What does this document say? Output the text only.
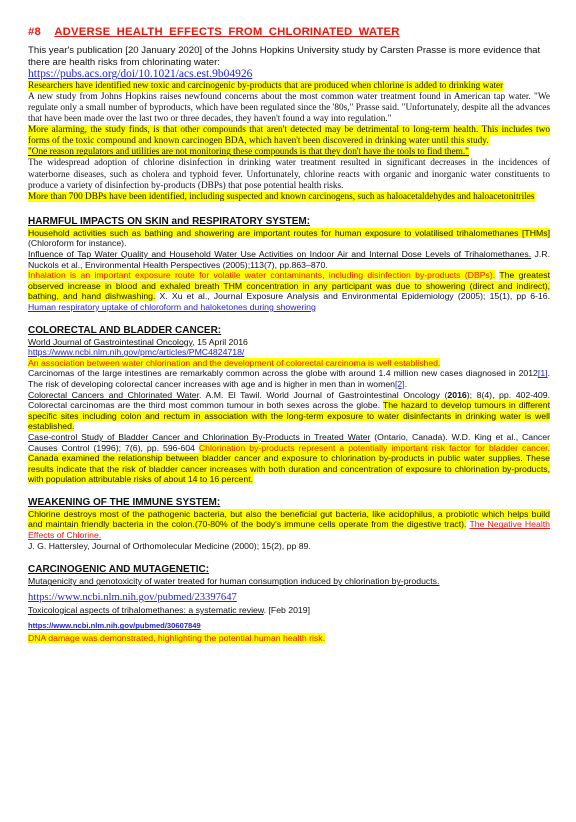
#8 ADVERSE HEALTH EFFECTS FROM CHLORINATED WATER

This year's publication [20 January 2020] of the Johns Hopkins University study by Carsten Prasse is more evidence that there are health risks from chlorinating water:
https://pubs.acs.org/doi/10.1021/acs.est.9b04926

Researchers have identified new toxic and carcinogenic by-products that are produced when chlorine is added to drinking water

A new study from Johns Hopkins raises newfound concerns about the most common water treatment found in American tap water. "We regulate only a small number of byproducts, which have been regulated since the '80s," Prasse said. "Unfortunately, despite all the advances that have been made over the last two or three decades, they haven't found a way into regulation."

More alarming, the study finds, is that other compounds that aren't detected may be detrimental to long-term health. This includes two forms of the toxic compound and known carcinogen BDA, which haven't been discovered in drinking water until this study.

"One reason regulators and utilities are not monitoring these compounds is that they don't have the tools to find them."

The widespread adoption of chlorine disinfection in drinking water treatment resulted in significant decreases in the incidences of waterborne diseases, such as cholera and typhoid fever. Unfortunately, chlorine reacts with organic and inorganic water constituents to produce a variety of disinfection by-products (DBPs) that pose potential health risks.

More than 700 DBPs have been identified, including suspected and known carcinogens, such as haloacetaldehydes and haloacetonitriles

HARMFUL IMPACTS ON SKIN and RESPIRATORY SYSTEM:

Household activities such as bathing and showering are important routes for human exposure to volatilised trihalomethanes [THMs] (Chloroform for instance).

Influence of Tap Water Quality and Household Water Use Activities on Indoor Air and Internal Dose Levels of Trihalomethanes. J.R. Nuckols et al., Environmental Health Perspectives (2005);113(7), pp.863–870.

Inhalation is an important exposure route for volatile water contaminants, including disinfection by-products (DBPs). The greatest observed increase in blood and exhaled breath THM concentration in any participant was due to showering (direct and indirect), bathing, and hand dishwashing. X. Xu et al., Journal Exposure Analysis and Environmental Epidemiology (2005); 15(1), pp 6-16. Human respiratory uptake of chloroform and haloketones during showering

COLORECTAL AND BLADDER CANCER:

World Journal of Gastrointestinal Oncology, 15 April 2016

https://www.ncbi.nlm.nih.gov/pmc/articles/PMC4824718/

An association between water chlorination and the development of colorectal carcinoma is well established.

Carcinomas of the large intestines are remarkably common across the globe with around 1.4 million new cases diagnosed in 2012[1]. The risk of developing colorectal cancer increases with age and is higher in men than in women[2].

Colorectal Cancers and Chlorinated Water. A.M. El Tawil. World Journal of Gastrointestinal Oncology (2016); 8(4), pp. 402-409. Colorectal carcinomas are the third most common tumour in both sexes across the globe. The hazard to develop tumours in different specific sites including colon and rectum in association with the long-term exposure to water disinfectants in drinking water is well established.

Case-control Study of Bladder Cancer and Chlorination By-Products in Treated Water (Ontario, Canada). W.D. King et al., Cancer Causes Control (1996); 7(6), pp. 596-604 Chlorination by-products represent a potentially important risk factor for bladder cancer. Canada examined the relationship between bladder cancer and exposure to chlorination by-products in public water supplies. These results indicate that the risk of bladder cancer increases with both duration and concentration of exposure to chlorination by-products, with population attributable risks of about 14 to 16 percent.

WEAKENING OF THE IMMUNE SYSTEM:

Chlorine destroys most of the pathogenic bacteria, but also the beneficial gut bacteria, like acidophilus, a probiotic which helps build and maintain friendly bacteria in the colon.(70-80% of the body's immune cells operate from the digestive tract). The Negative Health Effects of Chlorine.

J. G. Hattersley, Journal of Orthomolecular Medicine (2000); 15(2), pp 89.

CARCINOGENIC AND MUTAGENETIC:

Mutagenicity and genotoxicity of water treated for human consumption induced by chlorination by-products.

https://www.ncbi.nlm.nih.gov/pubmed/23397647

Toxicological aspects of trihalomethanes: a systematic review. [Feb 2019]

https://www.ncbi.nlm.nih.gov/pubmed/30607849

DNA damage was demonstrated, highlighting the potential human health risk.
